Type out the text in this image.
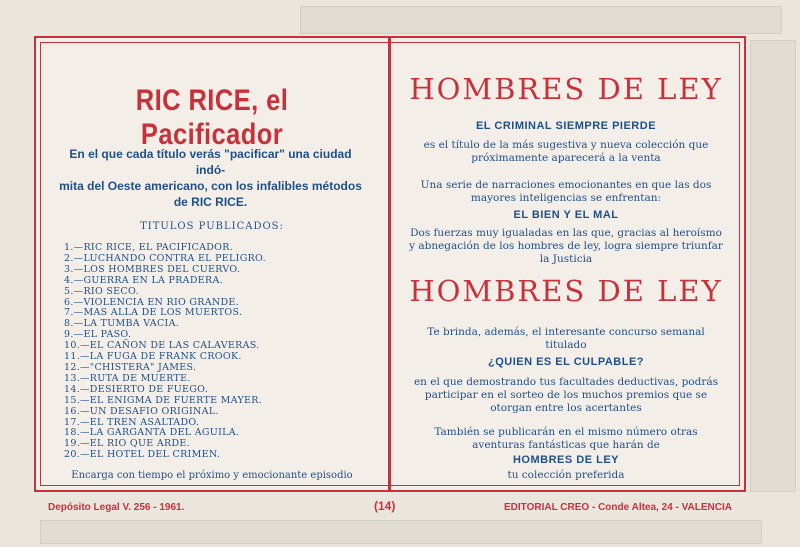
RIC RICE, el Pacificador
En el que cada título verás "pacificar" una ciudad indó-
mita del Oeste americano, con los infalibles métodos
de RIC RICE.
TITULOS PUBLICADOS:
1.—RIC RICE, EL PACIFICADOR.
2.—LUCHANDO CONTRA EL PELIGRO.
3.—LOS HOMBRES DEL CUERVO.
4.—GUERRA EN LA PRADERA.
5.—RIO SECO.
6.—VIOLENCIA EN RIO GRANDE.
7.—MAS ALLA DE LOS MUERTOS.
8.—LA TUMBA VACIA.
9.—EL PASO.
10.—EL CAÑON DE LAS CALAVERAS.
11.—LA FUGA DE FRANK CROOK.
12.—"CHISTERA" JAMES.
13.—RUTA DE MUERTE.
14.—DESIERTO DE FUEGO.
15.—EL ENIGMA DE FUERTE MAYER.
16.—UN DESAFIO ORIGINAL.
17.—EL TREN ASALTADO.
18.—LA GARGANTA DEL AGUILA.
19.—EL RIO QUE ARDE.
20.—EL HOTEL DEL CRIMEN.
Encarga con tiempo el próximo y emocionante episodio
HOMBRES DE LEY
EL CRIMINAL SIEMPRE PIERDE
es el título de la más sugestiva y nueva colección que
próximamente aparecerá a la venta
Una serie de narraciones emocionantes en que las dos
mayores inteligencias se enfrentan:
EL BIEN Y EL MAL
Dos fuerzas muy igualadas en las que, gracias al heroísmo
y abnegación de los hombres de ley, logra siempre triunfar
la Justicia
HOMBRES DE LEY
Te brinda, además, el interesante concurso semanal
titulado
¿QUIEN ES EL CULPABLE?
en el que demostrando tus facultades deductivas, podrás
participar en el sorteo de los muchos premios que se
otorgan entre los acertantes
También se publicarán en el mismo número otras
aventuras fantásticas que harán de
HOMBRES DE LEY
tu colección preferida
Depósito Legal V. 256 - 1961.	(14)	EDITORIAL CREO - Conde Altea, 24 - VALENCIA
